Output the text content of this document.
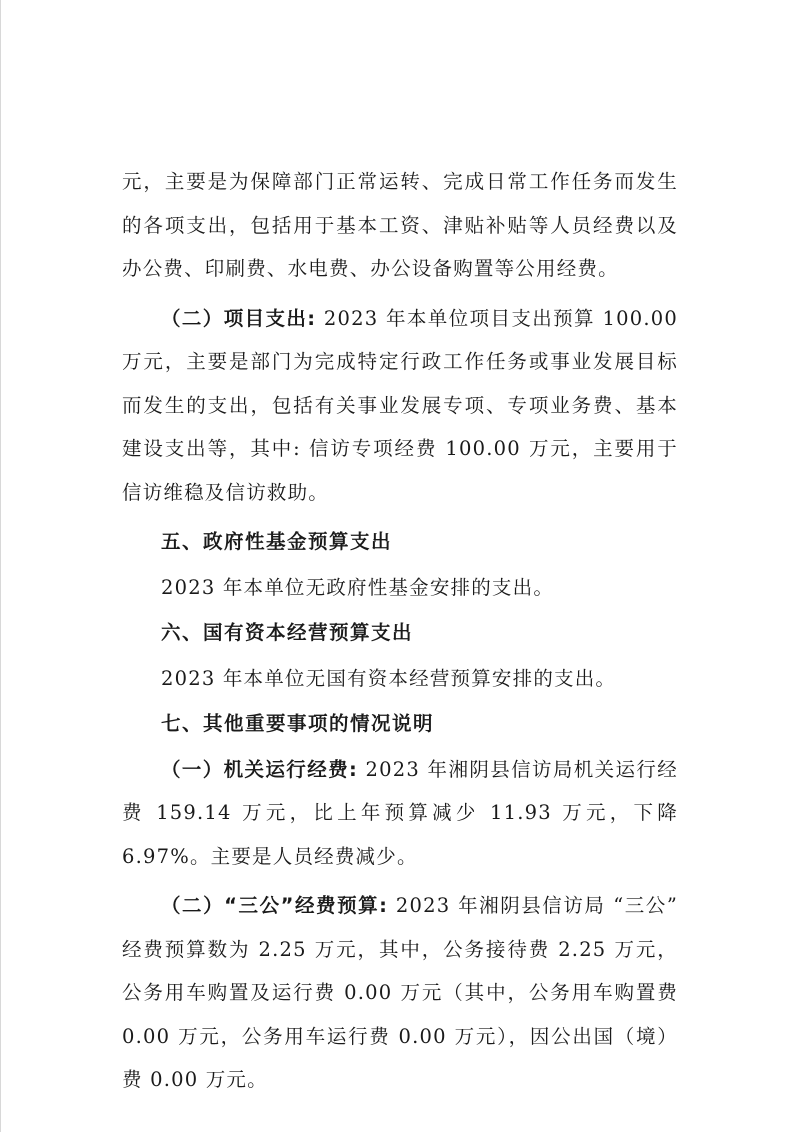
元，主要是为保障部门正常运转、完成日常工作任务而发生的各项支出，包括用于基本工资、津贴补贴等人员经费以及办公费、印刷费、水电费、办公设备购置等公用经费。

（二）项目支出: 2023 年本单位项目支出预算 100.00 万元，主要是部门为完成特定行政工作任务或事业发展目标而发生的支出，包括有关事业发展专项、专项业务费、基本建设支出等，其中: 信访专项经费 100.00 万元，主要用于信访维稳及信访救助。

五、政府性基金预算支出

2023 年本单位无政府性基金安排的支出。

六、国有资本经营预算支出

2023 年本单位无国有资本经营预算安排的支出。

七、其他重要事项的情况说明

（一）机关运行经费: 2023 年湘阴县信访局机关运行经费 159.14 万元，比上年预算减少 11.93 万元，下降 6.97%。主要是人员经费减少。

（二）“三公”经费预算: 2023 年湘阴县信访局 “三公” 经费预算数为 2.25 万元，其中，公务接待费 2.25 万元，公务用车购置及运行费 0.00 万元（其中，公务用车购置费 0.00 万元，公务用车运行费 0.00 万元），因公出国（境）费 0.00 万元。
